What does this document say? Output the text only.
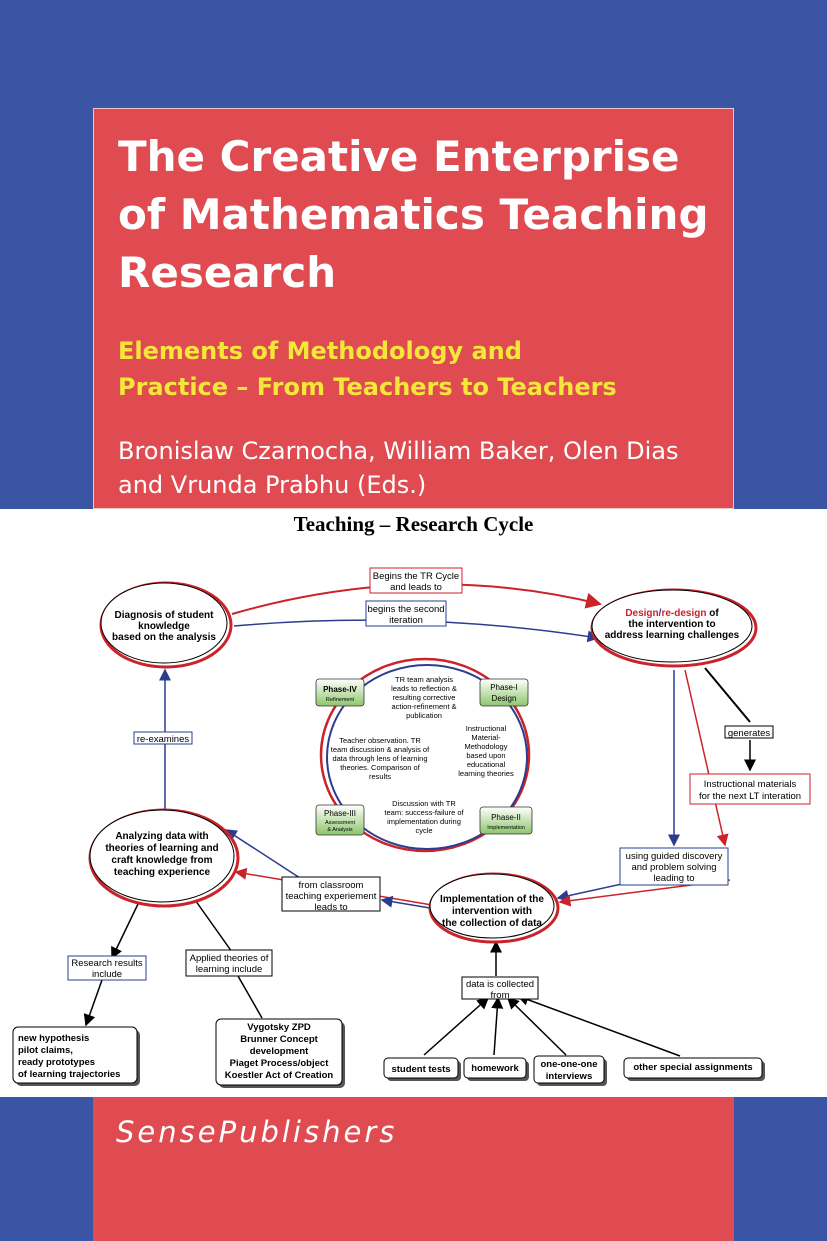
The Creative Enterprise
of Mathematics Teaching
Research
Elements of Methodology and
Practice – From Teachers to Teachers
Bronislaw Czarnocha, William Baker, Olen Dias
and Vrunda Prabhu (Eds.)
Teaching – Research Cycle
Diagnosis of student
knowledge
based on the analysis
Design/re-design of
the intervention to
address learning challenges
Analyzing data with
theories of learning and
craft knowledge from
teaching experience
Implementation of the
intervention with
the collection of data
Begins the TR Cycle
and leads to
begins the second
iteration
re-examines
generates
Instructional materials
for the next LT interation
using guided discovery
and problem solving
leading to
from classroom
teaching experiement
leads to
Research results
include
Applied theories of
learning include
data is collected
from
new hypothesis
pilot claims,
ready prototypes
of learning trajectories
Vygotsky ZPD
Brunner Concept
development
Piaget Process/object
Koestler Act of Creation
student tests homework one-one-one
interviews
other special assignments
Phase-IV
Refinement
Phase-I
Design
Phase-III
Assessment
& Analysis
Phase-II
Implementation
TR team analysis
leads to reflection &
resulting corrective
action-refinement &
publication
Teacher observation. TR
team discussion & analysis of
data through lens of learning
theories. Comparison of
results
Instructional
Material-
Methodology
based upon
educational
learning theories
Discussion with TR
team: success-failure of
implementation during
cycle
SensePublishers
